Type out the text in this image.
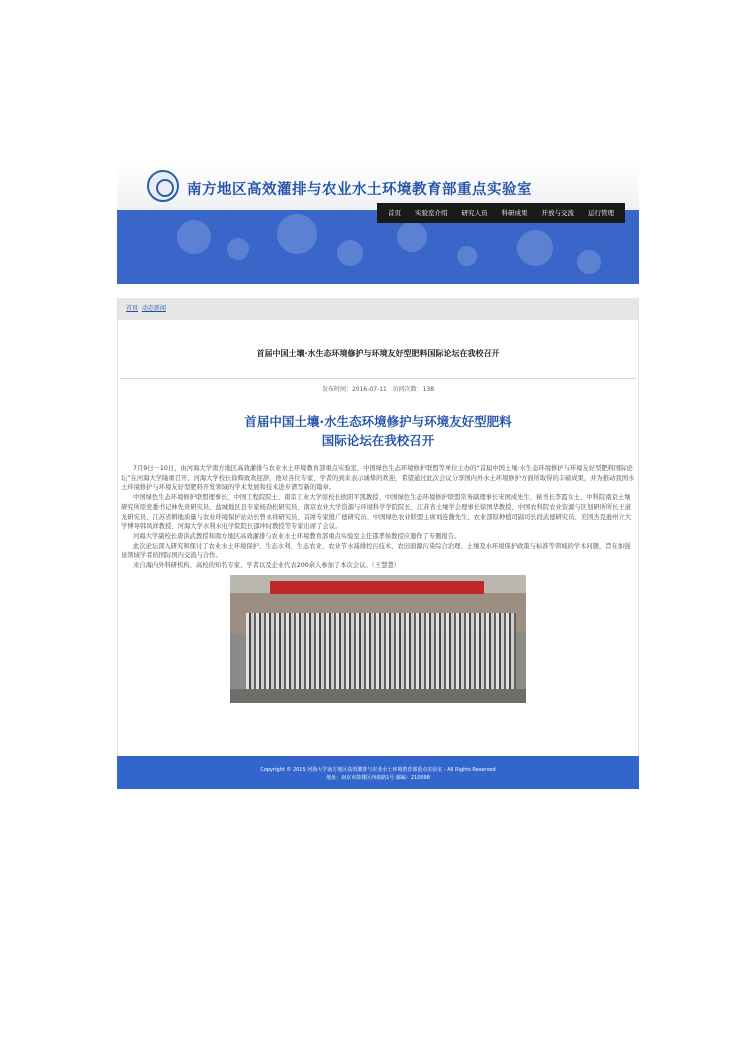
南方地区高效灌排与农业水土环境教育部重点实验室
首页	实验室介绍	研究人员	科研成果	开放与交流	运行管理
首页 动态新闻
首届中国土壤·水生态环境修护与环境友好型肥料国际论坛在我校召开
发布时间：2016-07-11 访问次数：138
首届中国土壤·水生态环境修护与环境友好型肥料
国际论坛在我校召开

7月9日－10日，由河海大学南方地区高效灌排与农业水土环境教育部重点实验室、中国绿色生态环境修护联盟等单位主办的“首届中国土壤·水生态环境修护与环境友好型肥料国际论坛”在河海大学隆重召开。河海大学校长徐辉致欢迎辞，他对各位专家、学者的到来表示诚挚的欢迎，希望通过此次会议分享国内外水土环境修护方面所取得的丰硕成果，并为推动我国水土环境修护与环境友好型肥料开发领域的学术发展和技术进步谱写新的篇章。

中国绿色生态环境修护联盟理事长、中国工程院院士、南京工业大学原校长欧阳平凯教授、中国绿色生态环境修护联盟常务副理事长宋国成先生、秘书长李霞女士、中科院南京土壤研究所原党委书记林先贵研究员、盐城地区良专家杨劲松研究员、南京农业大学资源与环境科学学院院长、江苏省土壤学会理事长徐国华教授、中国农科院农业资源与区划研所所长王道龙研究员、江苏省耕地质量与农业环境保护站站长曾永祥研究员、首席专家殷广德研究员、中国绿色农业联盟主席刘连馥先生、农业部原种植司副司长段武德研究员、美国杰克逊州立大学博导韩凤祥教授、河海大学水利水电学院院长邵冲时教授等专家出席了会议。

河海大学副校长唐洪武教授和南方地区高效灌排与农业水土环境教育部重点实验室主任邵孝侯教授应邀作了专题报告。

此次论坛深入研究和探讨了农业水土环境保护、生态水利、生态农业、农业节水减排控污技术、农田面源污染综合治理、土壤及水环境保护政策与标准等领域的学术问题，旨在加强该领域学者的国际国内交流与合作。

来自海内外科研机构、高校的知名专家、学者以及企业代表200余人参加了本次会议。（王慧慧）

Copyright © 2015 河海大学南方地区高效灌排与农业水土环境教育部重点实验室 - All Rights Reserved
地址：南京市鼓楼区西康路1号 邮编：210098
